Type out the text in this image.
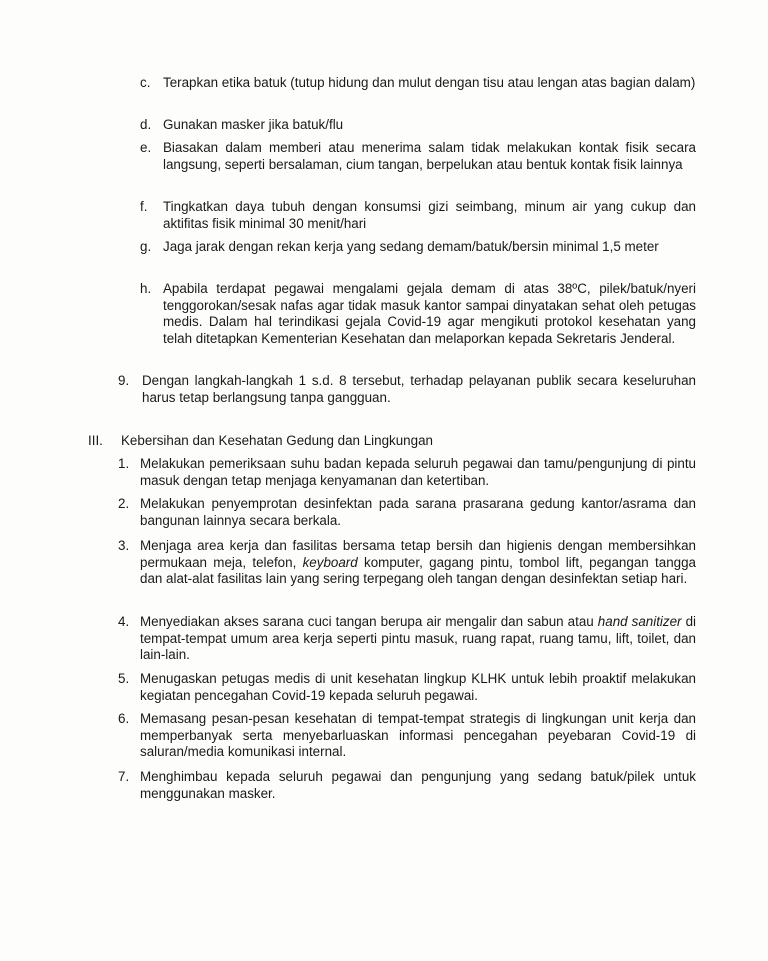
c. Terapkan etika batuk (tutup hidung dan mulut dengan tisu atau lengan atas bagian dalam)
d. Gunakan masker jika batuk/flu
e. Biasakan dalam memberi atau menerima salam tidak melakukan kontak fisik secara langsung, seperti bersalaman, cium tangan, berpelukan atau bentuk kontak fisik lainnya
f.	Tingkatkan daya tubuh dengan konsumsi gizi seimbang, minum air yang cukup dan aktifitas fisik minimal 30 menit/hari
g. Jaga jarak dengan rekan kerja yang sedang demam/batuk/bersin minimal 1,5 meter
h. Apabila terdapat pegawai mengalami gejala demam di atas 38ºC, pilek/batuk/nyeri tenggorokan/sesak nafas agar tidak masuk kantor sampai dinyatakan sehat oleh petugas medis. Dalam hal terindikasi gejala Covid-19 agar mengikuti protokol kesehatan yang telah ditetapkan Kementerian Kesehatan dan melaporkan kepada Sekretaris Jenderal.
9. Dengan langkah-langkah 1 s.d. 8 tersebut, terhadap pelayanan publik secara keseluruhan harus tetap berlangsung tanpa gangguan.
III.	Kebersihan dan Kesehatan Gedung dan Lingkungan
1. Melakukan pemeriksaan suhu badan kepada seluruh pegawai dan tamu/pengunjung di pintu masuk dengan tetap menjaga kenyamanan dan ketertiban.
2. Melakukan penyemprotan desinfektan pada sarana prasarana gedung kantor/asrama dan bangunan lainnya secara berkala.
3. Menjaga area kerja dan fasilitas bersama tetap bersih dan higienis dengan membersihkan permukaan meja, telefon, keyboard komputer, gagang pintu, tombol lift, pegangan tangga dan alat-alat fasilitas lain yang sering terpegang oleh tangan dengan desinfektan setiap hari.
4. Menyediakan akses sarana cuci tangan berupa air mengalir dan sabun atau hand sanitizer di tempat-tempat umum area kerja seperti pintu masuk, ruang rapat, ruang tamu, lift, toilet, dan lain-lain.
5. Menugaskan petugas medis di unit kesehatan lingkup KLHK untuk lebih proaktif melakukan kegiatan pencegahan Covid-19 kepada seluruh pegawai.
6. Memasang pesan-pesan kesehatan di tempat-tempat strategis di lingkungan unit kerja dan memperbanyak serta menyebarluaskan informasi pencegahan peyebaran Covid-19 di saluran/media komunikasi internal.
7. Menghimbau kepada seluruh pegawai dan pengunjung yang sedang batuk/pilek untuk menggunakan masker.
